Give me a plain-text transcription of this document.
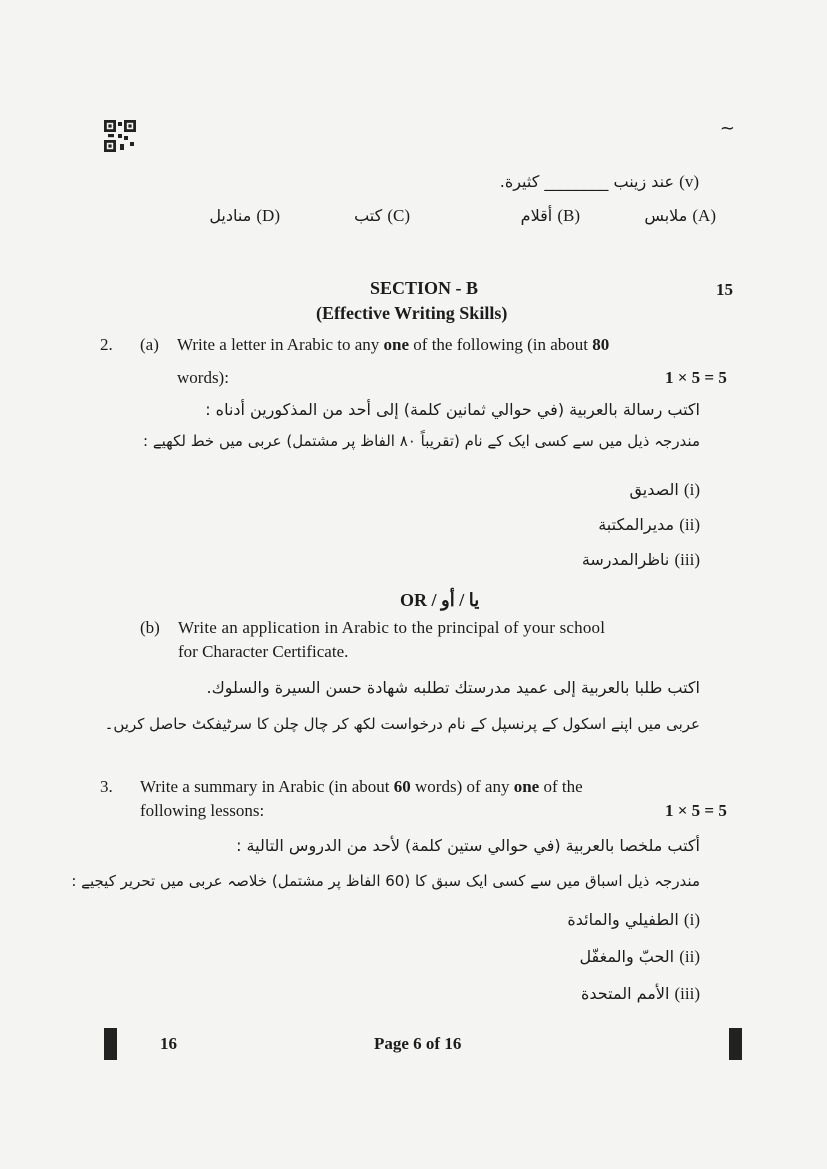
~
(v) عند زينب ________ كثيرة.
(A) ملابس
(B) أقلام
(C) كتب
(D) مناديل
SECTION - B	15
(Effective Writing Skills)
2. (a) Write a letter in Arabic to any one of the following (in about 80
words):	1 × 5 = 5
اكتب رسالة بالعربية (في حوالي ثمانين كلمة) إلى أحد من المذكورين أدناه :
مندرجہ ذیل میں سے کسی ایک کے نام (تقریباً ۸۰ الفاظ پر مشتمل) عربی میں خط لکھیے :
(i) الصديق
(ii) مديرالمكتبة
(iii) ناظرالمدرسة
OR / یا / أو
(b) Write an application in Arabic to the principal of your school
for Character Certificate.
اكتب طلبا بالعربية إلى عميد مدرستك تطلبه شهادة حسن السيرة والسلوك.
عربی میں اپنے اسکول کے پرنسپل کے نام درخواست لکھ کر چال چلن کا سرٹیفکٹ حاصل کریں۔
3. Write a summary in Arabic (in about 60 words) of any one of the
following lessons:	1 × 5 = 5
أكتب ملخصا بالعربية (في حوالي ستين كلمة) لأحد من الدروس التالية :
مندرجہ ذیل اسباق میں سے کسی ایک سبق کا (60 الفاظ پر مشتمل) خلاصہ عربی میں تحریر کیجیے :
(i) الطفيلي والمائدة
(ii) الحبّ والمغفّل
(iii) الأمم المتحدة
16	Page 6 of 16
